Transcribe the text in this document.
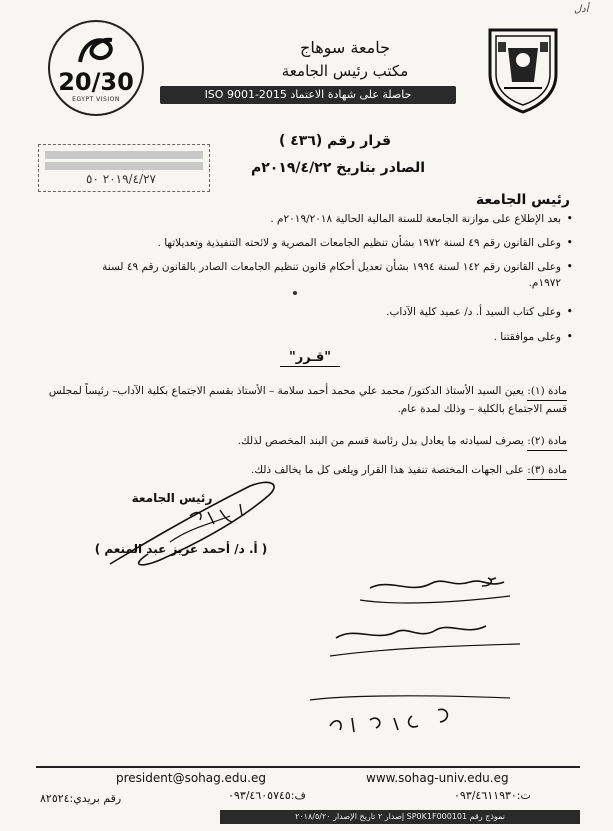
أدل
20/30
EGYPT VISION
جامعة سوهاج
مكتب رئيس الجامعة
حاصلة على شهادة الاعتماد ISO 9001-2015
٢٠١٩/٤/٢٧ ٥٠
قرار رقم (٤٣٦ )
الصادر بتاريخ ٢٠١٩/٤/٢٢م
رئيس الجامعة
بعد الإطلاع على موازنة الجامعة للسنة المالية الحالية ٢٠١٩/٢٠١٨م . •
وعلى القانون رقم ٤٩ لسنة ١٩٧٢ بشأن تنظيم الجامعات المصرية و لائحته التنفيذية وتعديلاتها . •
وعلى القانون رقم ١٤٢ لسنة ١٩٩٤ بشأن تعديل أحكام قانون تنظيم الجامعات الصادر بالقانون رقم ٤٩ لسنة ١٩٧٢م. •
وعلى كتاب السيد أ. د/ عميد كلية الآداب. •
وعلى موافقتنا . •
"قـرر"
مادة (١): يعين السيد الأستاذ الدكتور/ محمد علي محمد أحمد سلامة – الأستاذ بقسم الاجتماع بكلية الآداب– رئيساً لمجلس قسم الاجتماع بالكلية – وذلك لمدة عام.
مادة (٢): يصرف لسيادته ما يعادل بدل رئاسة قسم من البند المخصص لذلك.
مادة (٣): على الجهات المختصة تنفيذ هذا القرار ويلغى كل ما يخالف ذلك.
رئيس الجامعة
( أ. د/ أحمد عزيز عبد المنعم )
president@sohag.edu.eg	www.sohag-univ.edu.eg
ف:٠٩٣/٤٦٠٥٧٤٥	ت:٠٩٣/٤٦١١٩٣٠
رقم بريدي:٨٢٥٢٤
نموذج رقم SP0K1F000101 إصدار ٢ تاريخ الإصدار ٢٠١٨/٥/٢٠
